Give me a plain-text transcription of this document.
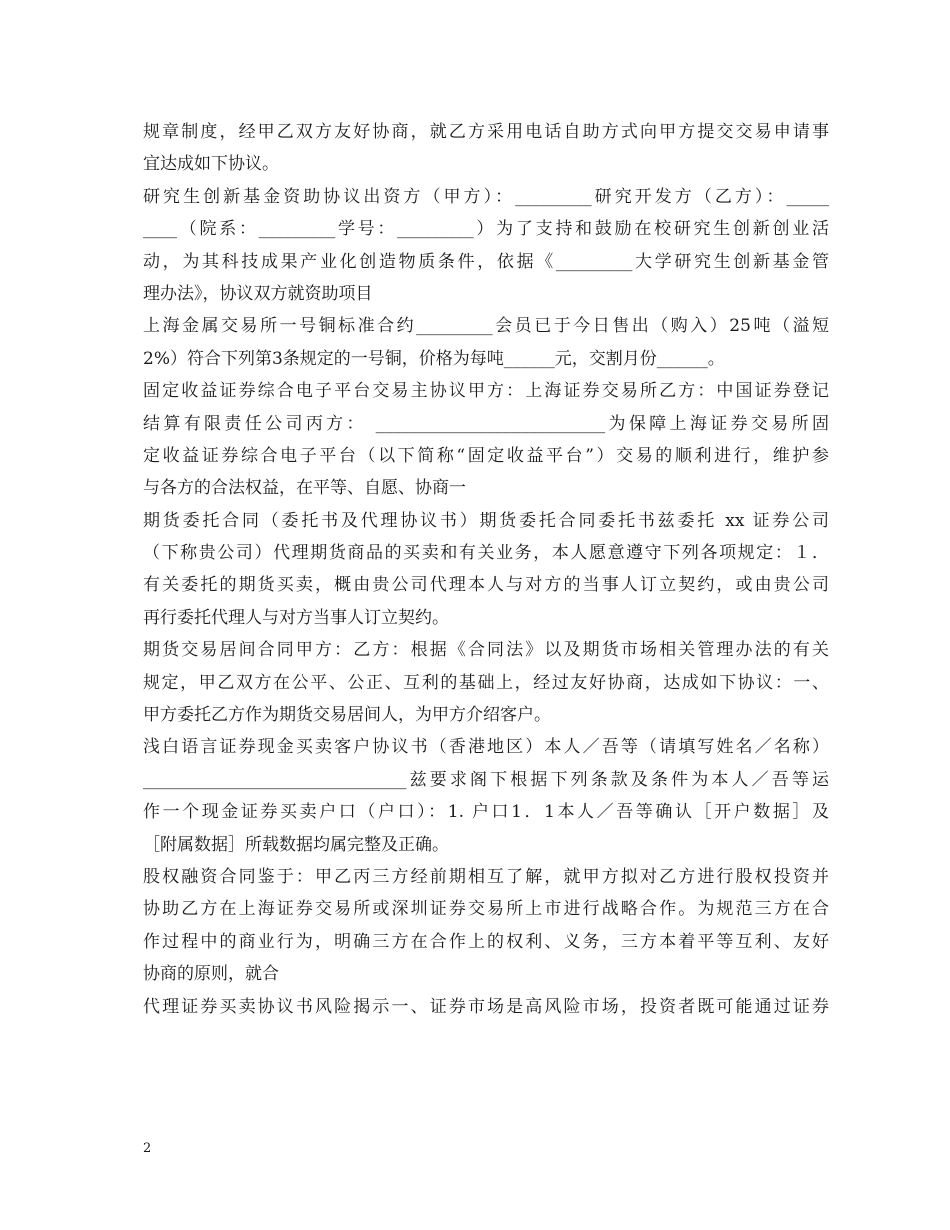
规章制度，经甲乙双方友好协商，就乙方采用电话自助方式向甲方提交交易申请事
宜达成如下协议。
研究生创新基金资助协议出资方（甲方）：_________研究开发方（乙方）：_____
____（院系：_________学号：_________）为了支持和鼓励在校研究生创新创业活
动，为其科技成果产业化创造物质条件，依据《_________大学研究生创新基金管
理办法》，协议双方就资助项目
上海金属交易所一号铜标准合约_________会员已于今日售出（购入）25吨（溢短
2%）符合下列第3条规定的一号铜，价格为每吨______元，交割月份______。
固定收益证券综合电子平台交易主协议甲方：上海证券交易所乙方：中国证券登记
结算有限责任公司丙方： ___________________________为保障上海证券交易所固
定收益证券综合电子平台（以下简称“固定收益平台”）交易的顺利进行，维护参
与各方的合法权益，在平等、自愿、协商一
期货委托合同（委托书及代理协议书）期货委托合同委托书兹委托 xx 证券公司
（下称贵公司）代理期货商品的买卖和有关业务，本人愿意遵守下列各项规定：１．
有关委托的期货买卖，概由贵公司代理本人与对方的当事人订立契约，或由贵公司
再行委托代理人与对方当事人订立契约。
期货交易居间合同甲方：乙方：根据《合同法》以及期货市场相关管理办法的有关
规定，甲乙双方在公平、公正、互利的基础上，经过友好协商，达成如下协议：一、
甲方委托乙方作为期货交易居间人，为甲方介绍客户。
浅白语言证券现金买卖客户协议书（香港地区）本人／吾等（请填写姓名／名称）
_______________________________兹要求阁下根据下列条款及条件为本人／吾等运
作一个现金证券买卖户口（户口）：1. 户口1．1本人／吾等确认［开户数据］及
［附属数据］所载数据均属完整及正确。
股权融资合同鉴于：甲乙丙三方经前期相互了解，就甲方拟对乙方进行股权投资并
协助乙方在上海证券交易所或深圳证券交易所上市进行战略合作。为规范三方在合
作过程中的商业行为，明确三方在合作上的权利、义务，三方本着平等互利、友好
协商的原则，就合
代理证券买卖协议书风险揭示一、证券市场是高风险市场，投资者既可能通过证券
2
